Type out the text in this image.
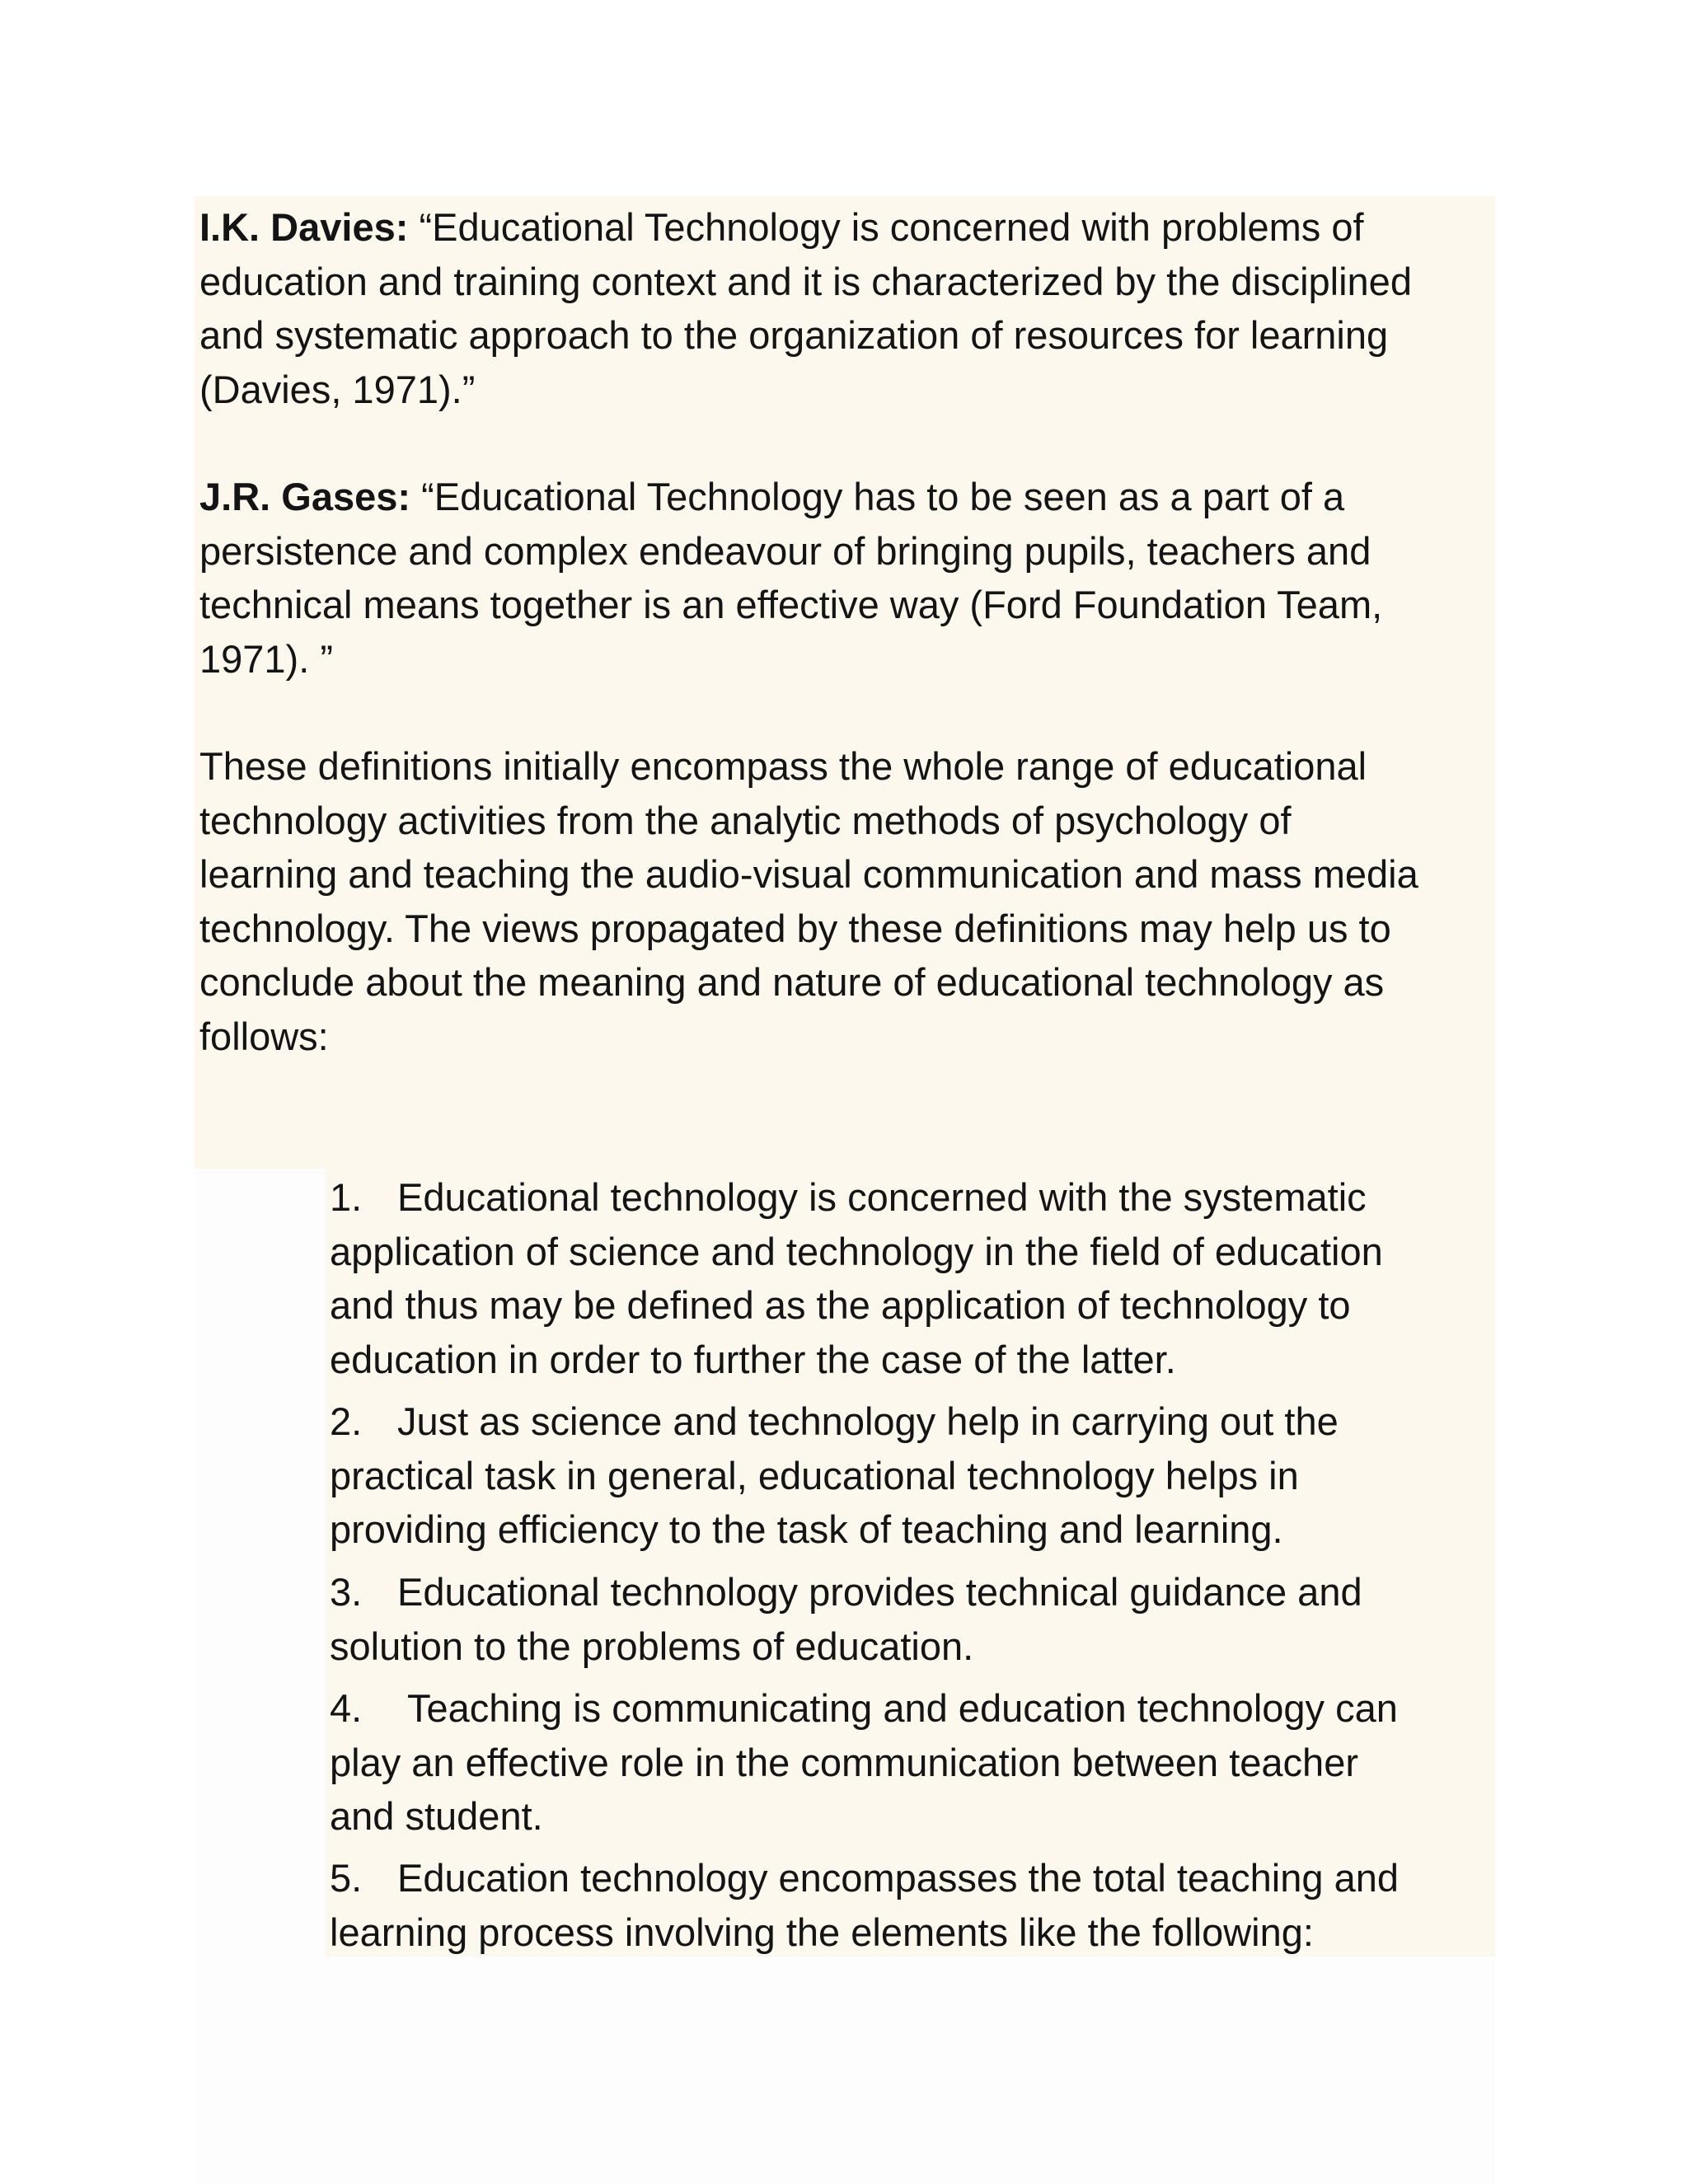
I.K. Davies: “Educational Technology is concerned with problems of
education and training context and it is characterized by the disciplined
and systematic approach to the organization of resources for learning
(Davies, 1971).”
J.R. Gases: “Educational Technology has to be seen as a part of a
persistence and complex endeavour of bringing pupils, teachers and
technical means together is an effective way (Ford Foundation Team,
1971). ”
These definitions initially encompass the whole range of educational
technology activities from the analytic methods of psychology of
learning and teaching the audio-visual communication and mass media
technology. The views propagated by these definitions may help us to
conclude about the meaning and nature of educational technology as
follows:
1. Educational technology is concerned with the systematic
application of science and technology in the field of education
and thus may be defined as the application of technology to
education in order to further the case of the latter.
2. Just as science and technology help in carrying out the
practical task in general, educational technology helps in
providing efficiency to the task of teaching and learning.
3. Educational technology provides technical guidance and
solution to the problems of education.
4. Teaching is communicating and education technology can
play an effective role in the communication between teacher
and student.
5. Education technology encompasses the total teaching and
learning process involving the elements like the following:
